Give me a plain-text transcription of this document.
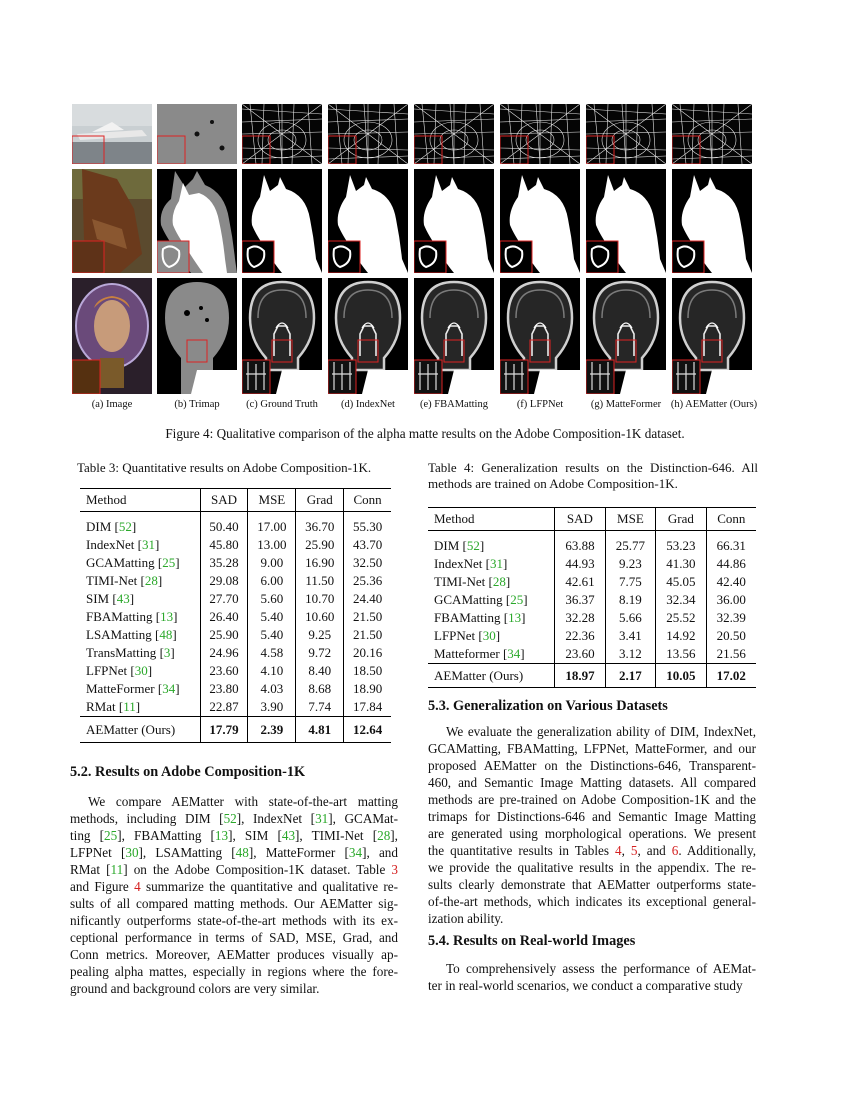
(a) Image	(b) Trimap	(c) Ground Truth	(d) IndexNet	(e) FBAMatting	(f) LFPNet	(g) MatteFormer (h) AEMatter (Ours)
Figure 4: Qualitative comparison of the alpha matte results on the Adobe Composition-1K dataset.
Table 3: Quantitative results on Adobe Composition-1K.
Method	SAD	MSE	Grad	Conn
DIM [52]	50.40	17.00	36.70	55.30
IndexNet [31]	45.80	13.00	25.90	43.70
GCAMatting [25]	35.28	9.00	16.90	32.50
TIMI-Net [28]	29.08	6.00	11.50	25.36
SIM [43]	27.70	5.60	10.70	24.40
FBAMatting [13]	26.40	5.40	10.60	21.50
LSAMatting [48]	25.90	5.40	9.25	21.50
TransMatting [3]	24.96	4.58	9.72	20.16
LFPNet [30]	23.60	4.10	8.40	18.50
MatteFormer [34]	23.80	4.03	8.68	18.90
RMat [11]	22.87	3.90	7.74	17.84
AEMatter (Ours)	17.79	2.39	4.81	12.64
Table 4: Generalization results on the Distinction-646. All methods are trained on Adobe Composition-1K.
Method	SAD	MSE	Grad	Conn
DIM [52]	63.88	25.77	53.23	66.31
IndexNet [31]	44.93	9.23	41.30	44.86
TIMI-Net [28]	42.61	7.75	45.05	42.40
GCAMatting [25]	36.37	8.19	32.34	36.00
FBAMatting [13]	32.28	5.66	25.52	32.39
LFPNet [30]	22.36	3.41	14.92	20.50
Matteformer [34]	23.60	3.12	13.56	21.56
AEMatter (Ours)	18.97	2.17	10.05	17.02
5.2. Results on Adobe Composition-1K
We compare AEMatter with state-of-the-art matting
methods, including DIM [52], IndexNet [31], GCAMat-
ting [25], FBAMatting [13], SIM [43], TIMI-Net [28],
LFPNet [30], LSAMatting [48], MatteFormer [34], and
RMat [11] on the Adobe Composition-1K dataset. Table 3
and Figure 4 summarize the quantitative and qualitative re-
sults of all compared matting methods. Our AEMatter sig-
nificantly outperforms state-of-the-art methods with its ex-
ceptional performance in terms of SAD, MSE, Grad, and
Conn metrics. Moreover, AEMatter produces visually ap-
pealing alpha mattes, especially in regions where the fore-
ground and background colors are very similar.
5.3. Generalization on Various Datasets
We evaluate the generalization ability of DIM, IndexNet,
GCAMatting, FBAMatting, LFPNet, MatteFormer, and our
proposed AEMatter on the Distinctions-646, Transparent-
460, and Semantic Image Matting datasets. All compared
methods are pre-trained on Adobe Composition-1K and the
trimaps for Distinctions-646 and Semantic Image Matting
are generated using morphological operations. We present
the quantitative results in Tables 4, 5, and 6. Additionally,
we provide the qualitative results in the appendix. The re-
sults clearly demonstrate that AEMatter outperforms state-
of-the-art methods, which indicates its exceptional general-
ization ability.
5.4. Results on Real-world Images
To comprehensively assess the performance of AEMat-
ter in real-world scenarios, we conduct a comparative study
